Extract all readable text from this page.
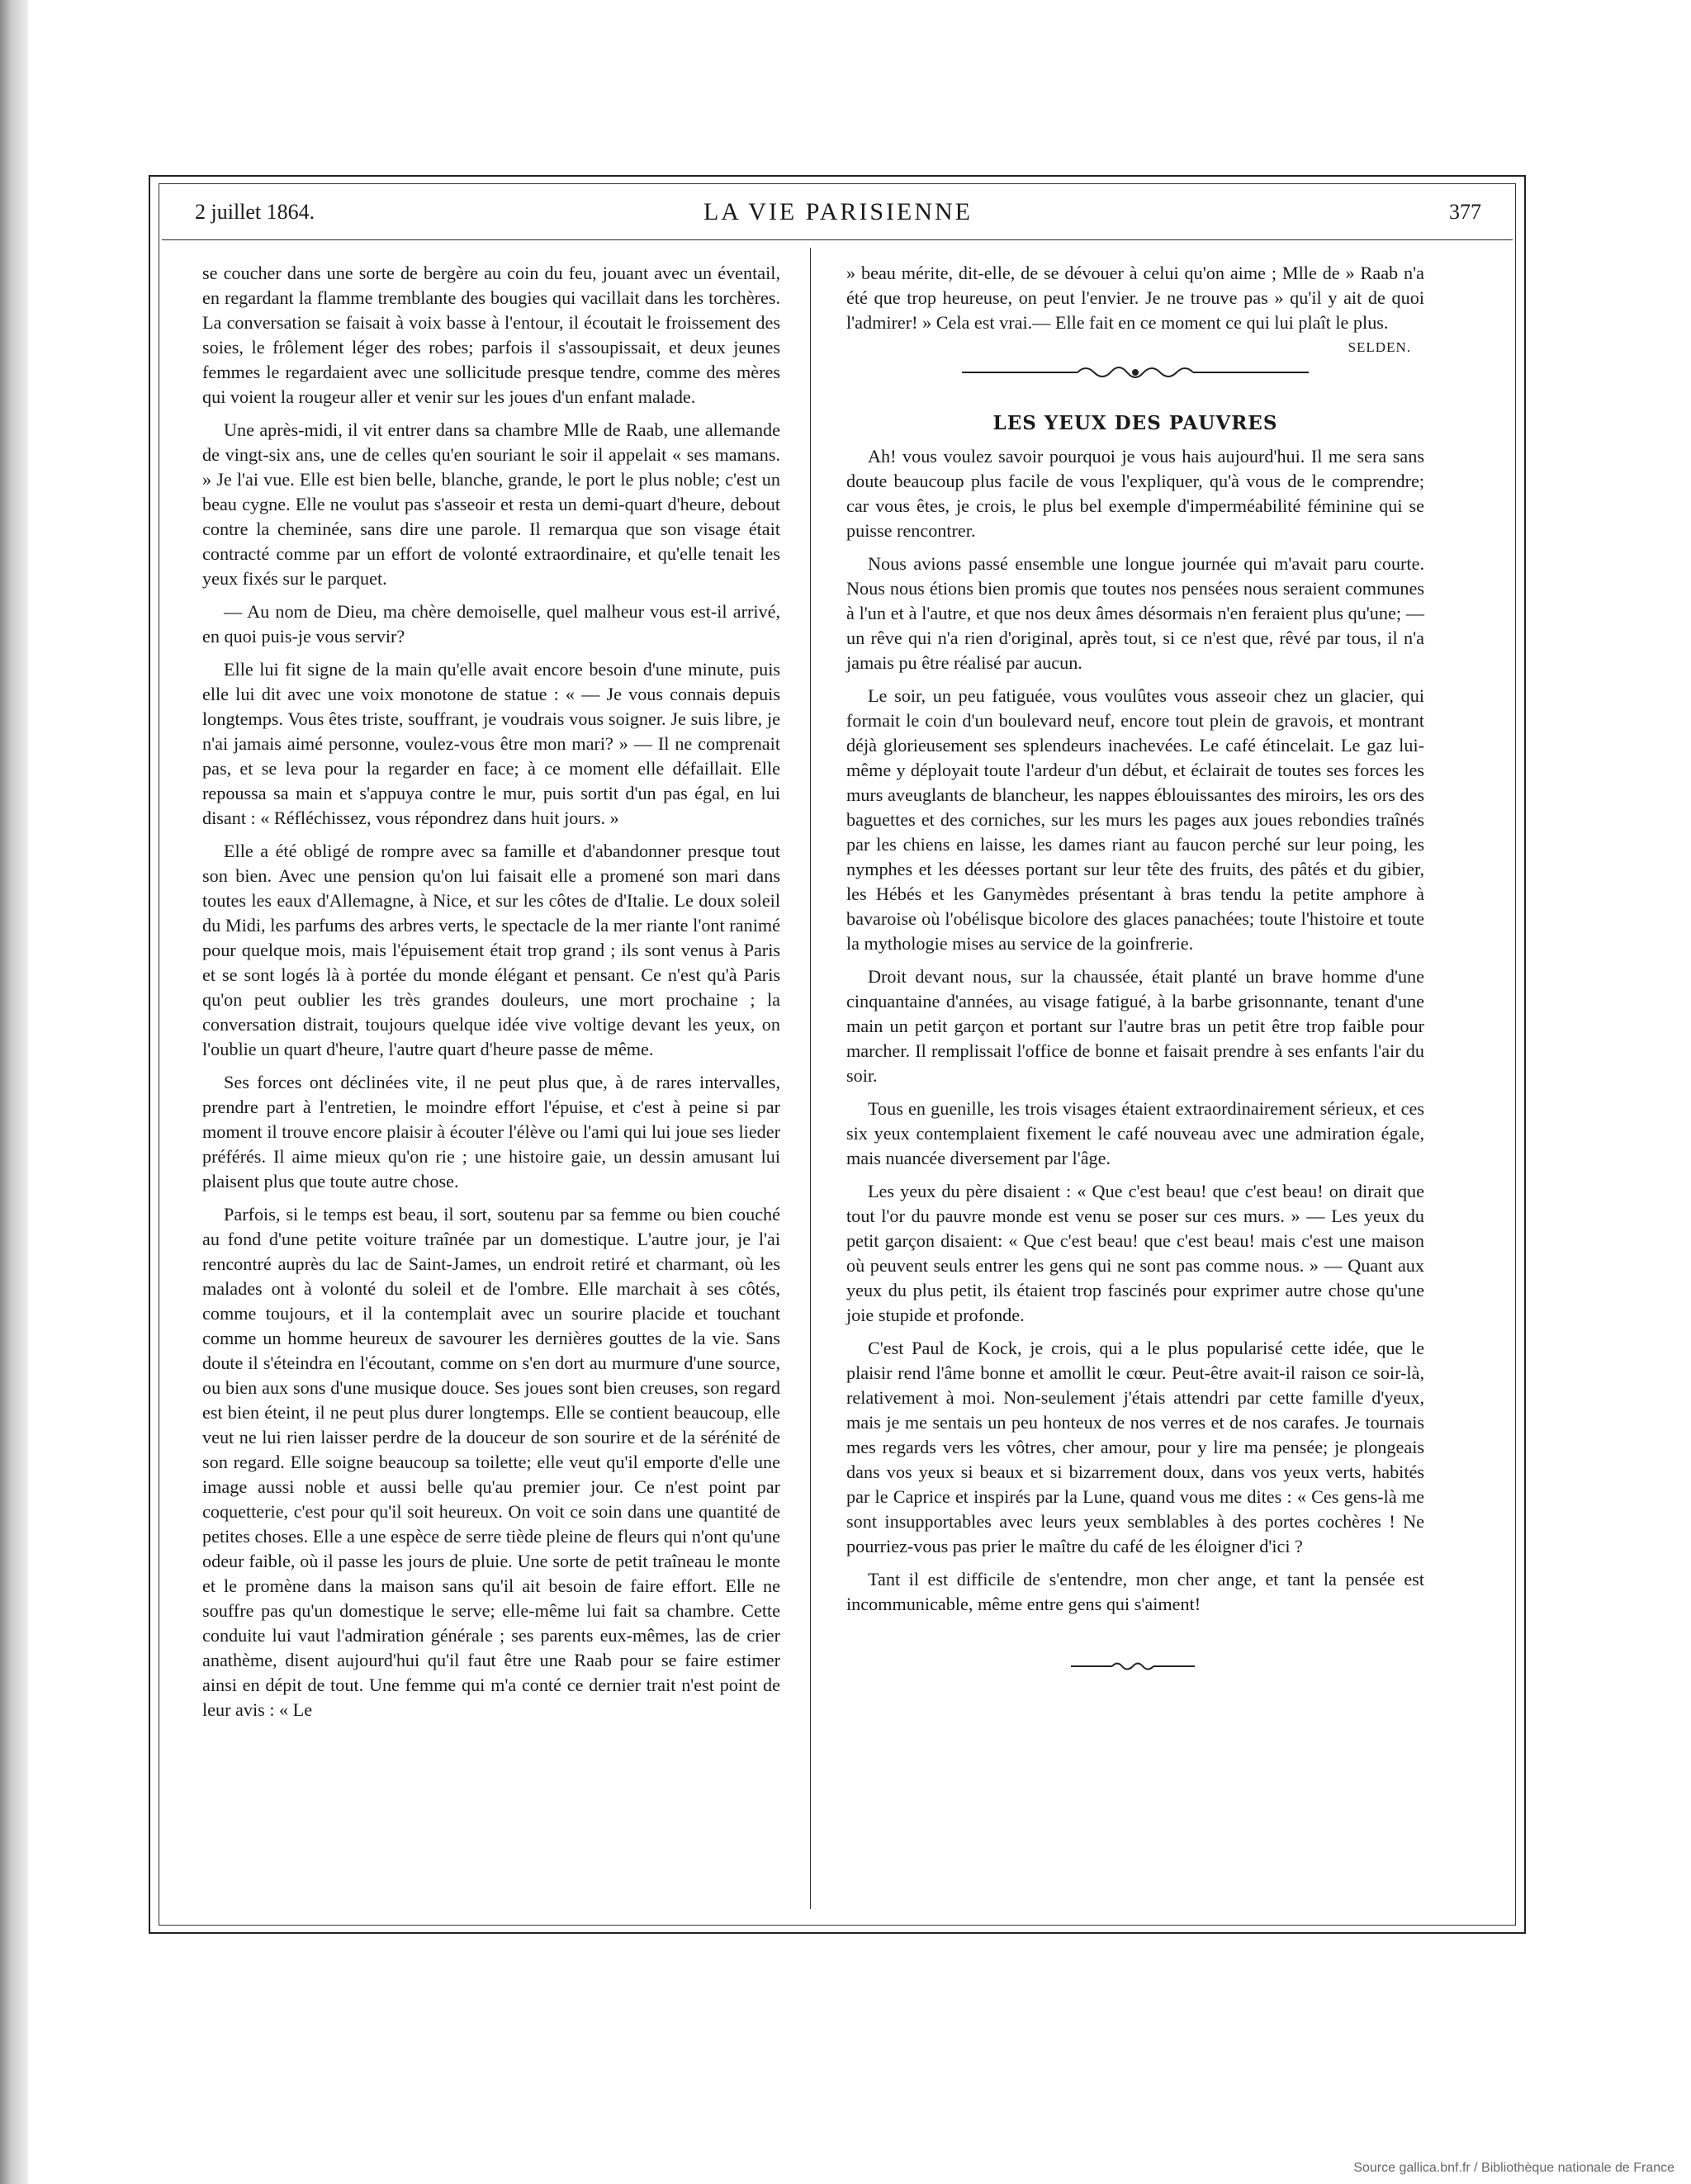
2 juillet 1864.	LA VIE PARISIENNE	377

se coucher dans une sorte de bergère au coin du feu, jouant avec un éventail, en regardant la flamme tremblante des bougies qui vacillait dans les torchères. La conversation se faisait à voix basse à l'entour, il écoutait le froissement des soies, le frôlement léger des robes; parfois il s'assoupissait, et deux jeunes femmes le regardaient avec une sollicitude presque tendre, comme des mères qui voient la rougeur aller et venir sur les joues d'un enfant malade.

Une après-midi, il vit entrer dans sa chambre Mlle de Raab, une allemande de vingt-six ans, une de celles qu'en souriant le soir il appelait « ses mamans. » Je l'ai vue. Elle est bien belle, blanche, grande, le port le plus noble; c'est un beau cygne. Elle ne voulut pas s'asseoir et resta un demi-quart d'heure, debout contre la cheminée, sans dire une parole. Il remarqua que son visage était contracté comme par un effort de volonté extraordinaire, et qu'elle tenait les yeux fixés sur le parquet.

— Au nom de Dieu, ma chère demoiselle, quel malheur vous est-il arrivé, en quoi puis-je vous servir?

Elle lui fit signe de la main qu'elle avait encore besoin d'une minute, puis elle lui dit avec une voix monotone de statue : « — Je vous connais depuis longtemps. Vous êtes triste, souffrant, je voudrais vous soigner. Je suis libre, je n'ai jamais aimé personne, voulez-vous être mon mari? » — Il ne comprenait pas, et se leva pour la regarder en face; à ce moment elle défaillait. Elle repoussa sa main et s'appuya contre le mur, puis sortit d'un pas égal, en lui disant : « Réfléchissez, vous répondrez dans huit jours. »

Elle a été obligé de rompre avec sa famille et d'abandonner presque tout son bien. Avec une pension qu'on lui faisait elle a promené son mari dans toutes les eaux d'Allemagne, à Nice, et sur les côtes de d'Italie. Le doux soleil du Midi, les parfums des arbres verts, le spectacle de la mer riante l'ont ranimé pour quelque mois, mais l'épuisement était trop grand ; ils sont venus à Paris et se sont logés là à portée du monde élégant et pensant. Ce n'est qu'à Paris qu'on peut oublier les très grandes douleurs, une mort prochaine ; la conversation distrait, toujours quelque idée vive voltige devant les yeux, on l'oublie un quart d'heure, l'autre quart d'heure passe de même.

Ses forces ont déclinées vite, il ne peut plus que, à de rares intervalles, prendre part à l'entretien, le moindre effort l'épuise, et c'est à peine si par moment il trouve encore plaisir à écouter l'élève ou l'ami qui lui joue ses lieder préférés. Il aime mieux qu'on rie ; une histoire gaie, un dessin amusant lui plaisent plus que toute autre chose.

Parfois, si le temps est beau, il sort, soutenu par sa femme ou bien couché au fond d'une petite voiture traînée par un domestique. L'autre jour, je l'ai rencontré auprès du lac de Saint-James, un endroit retiré et charmant, où les malades ont à volonté du soleil et de l'ombre. Elle marchait à ses côtés, comme toujours, et il la contemplait avec un sourire placide et touchant comme un homme heureux de savourer les dernières gouttes de la vie. Sans doute il s'éteindra en l'écoutant, comme on s'en dort au murmure d'une source, ou bien aux sons d'une musique douce. Ses joues sont bien creuses, son regard est bien éteint, il ne peut plus durer longtemps. Elle se contient beaucoup, elle veut ne lui rien laisser perdre de la douceur de son sourire et de la sérénité de son regard. Elle soigne beaucoup sa toilette; elle veut qu'il emporte d'elle une image aussi noble et aussi belle qu'au premier jour. Ce n'est point par coquetterie, c'est pour qu'il soit heureux. On voit ce soin dans une quantité de petites choses. Elle a une espèce de serre tiède pleine de fleurs qui n'ont qu'une odeur faible, où il passe les jours de pluie. Une sorte de petit traîneau le monte et le promène dans la maison sans qu'il ait besoin de faire effort. Elle ne souffre pas qu'un domestique le serve; elle-même lui fait sa chambre. Cette conduite lui vaut l'admiration générale ; ses parents eux-mêmes, las de crier anathème, disent aujourd'hui qu'il faut être une Raab pour se faire estimer ainsi en dépit de tout. Une femme qui m'a conté ce dernier trait n'est point de leur avis : « Le

» beau mérite, dit-elle, de se dévouer à celui qu'on aime ; Mlle de » Raab n'a été que trop heureuse, on peut l'envier. Je ne trouve pas » qu'il y ait de quoi l'admirer! » Cela est vrai.— Elle fait en ce moment ce qui lui plaît le plus.
SELDEN.

LES YEUX DES PAUVRES

Ah! vous voulez savoir pourquoi je vous hais aujourd'hui. Il me sera sans doute beaucoup plus facile de vous l'expliquer, qu'à vous de le comprendre; car vous êtes, je crois, le plus bel exemple d'imperméabilité féminine qui se puisse rencontrer.

Nous avions passé ensemble une longue journée qui m'avait paru courte. Nous nous étions bien promis que toutes nos pensées nous seraient communes à l'un et à l'autre, et que nos deux âmes désormais n'en feraient plus qu'une; — un rêve qui n'a rien d'original, après tout, si ce n'est que, rêvé par tous, il n'a jamais pu être réalisé par aucun.

Le soir, un peu fatiguée, vous voulûtes vous asseoir chez un glacier, qui formait le coin d'un boulevard neuf, encore tout plein de gravois, et montrant déjà glorieusement ses splendeurs inachevées. Le café étincelait. Le gaz lui-même y déployait toute l'ardeur d'un début, et éclairait de toutes ses forces les murs aveuglants de blancheur, les nappes éblouissantes des miroirs, les ors des baguettes et des corniches, sur les murs les pages aux joues rebondies traînés par les chiens en laisse, les dames riant au faucon perché sur leur poing, les nymphes et les déesses portant sur leur tête des fruits, des pâtés et du gibier, les Hébés et les Ganymèdes présentant à bras tendu la petite amphore à bavaroise où l'obélisque bicolore des glaces panachées; toute l'histoire et toute la mythologie mises au service de la goinfrerie.

Droit devant nous, sur la chaussée, était planté un brave homme d'une cinquantaine d'années, au visage fatigué, à la barbe grisonnante, tenant d'une main un petit garçon et portant sur l'autre bras un petit être trop faible pour marcher. Il remplissait l'office de bonne et faisait prendre à ses enfants l'air du soir.

Tous en guenille, les trois visages étaient extraordinairement sérieux, et ces six yeux contemplaient fixement le café nouveau avec une admiration égale, mais nuancée diversement par l'âge.

Les yeux du père disaient : « Que c'est beau! que c'est beau! on dirait que tout l'or du pauvre monde est venu se poser sur ces murs. » — Les yeux du petit garçon disaient: « Que c'est beau! que c'est beau! mais c'est une maison où peuvent seuls entrer les gens qui ne sont pas comme nous. » — Quant aux yeux du plus petit, ils étaient trop fascinés pour exprimer autre chose qu'une joie stupide et profonde.

C'est Paul de Kock, je crois, qui a le plus popularisé cette idée, que le plaisir rend l'âme bonne et amollit le cœur. Peut-être avait-il raison ce soir-là, relativement à moi. Non-seulement j'étais attendri par cette famille d'yeux, mais je me sentais un peu honteux de nos verres et de nos carafes. Je tournais mes regards vers les vôtres, cher amour, pour y lire ma pensée; je plongeais dans vos yeux si beaux et si bizarrement doux, dans vos yeux verts, habités par le Caprice et inspirés par la Lune, quand vous me dites : « Ces gens-là me sont insupportables avec leurs yeux semblables à des portes cochères ! Ne pourriez-vous pas prier le maître du café de les éloigner d'ici ?

Tant il est difficile de s'entendre, mon cher ange, et tant la pensée est incommunicable, même entre gens qui s'aiment!

Source gallica.bnf.fr / Bibliothèque nationale de France
